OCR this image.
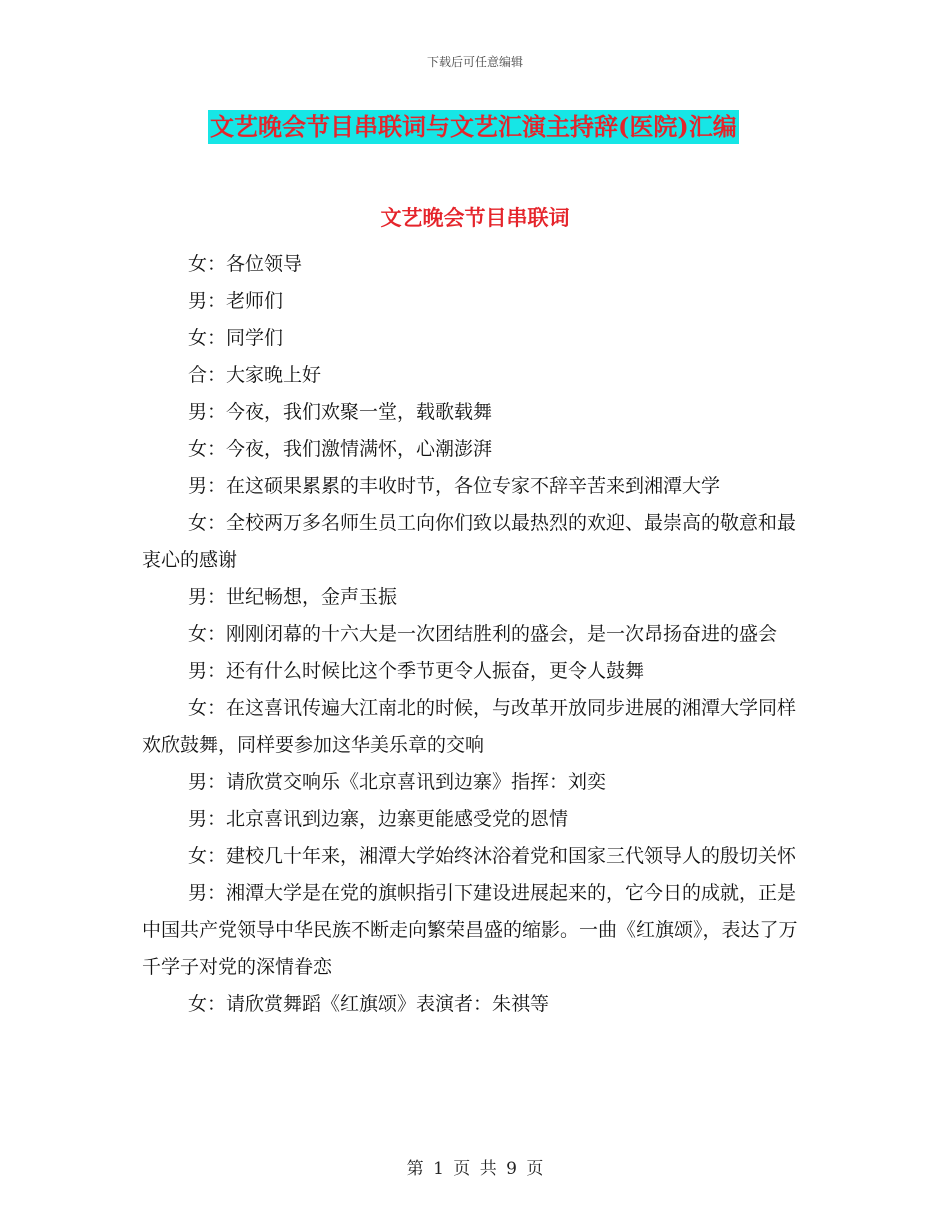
下载后可任意编辑
文艺晚会节目串联词与文艺汇演主持辞(医院)汇编
文艺晚会节目串联词

女：各位领导

男：老师们

女：同学们

合：大家晚上好

男：今夜，我们欢聚一堂，载歌载舞

女：今夜，我们激情满怀，心潮澎湃

男：在这硕果累累的丰收时节，各位专家不辞辛苦来到湘潭大学

女：全校两万多名师生员工向你们致以最热烈的欢迎、最崇高的敬意和最衷心的感谢

男：世纪畅想，金声玉振

女：刚刚闭幕的十六大是一次团结胜利的盛会，是一次昂扬奋进的盛会

男：还有什么时候比这个季节更令人振奋，更令人鼓舞

女：在这喜讯传遍大江南北的时候，与改革开放同步进展的湘潭大学同样欢欣鼓舞，同样要参加这华美乐章的交响

男：请欣赏交响乐《北京喜讯到边寨》指挥：刘奕

男：北京喜讯到边寨，边寨更能感受党的恩情

女：建校几十年来，湘潭大学始终沐浴着党和国家三代领导人的殷切关怀

男：湘潭大学是在党的旗帜指引下建设进展起来的，它今日的成就，正是中国共产党领导中华民族不断走向繁荣昌盛的缩影。一曲《红旗颂》，表达了万千学子对党的深情眷恋

女：请欣赏舞蹈《红旗颂》表演者：朱祺等

第 1 页 共 9 页
